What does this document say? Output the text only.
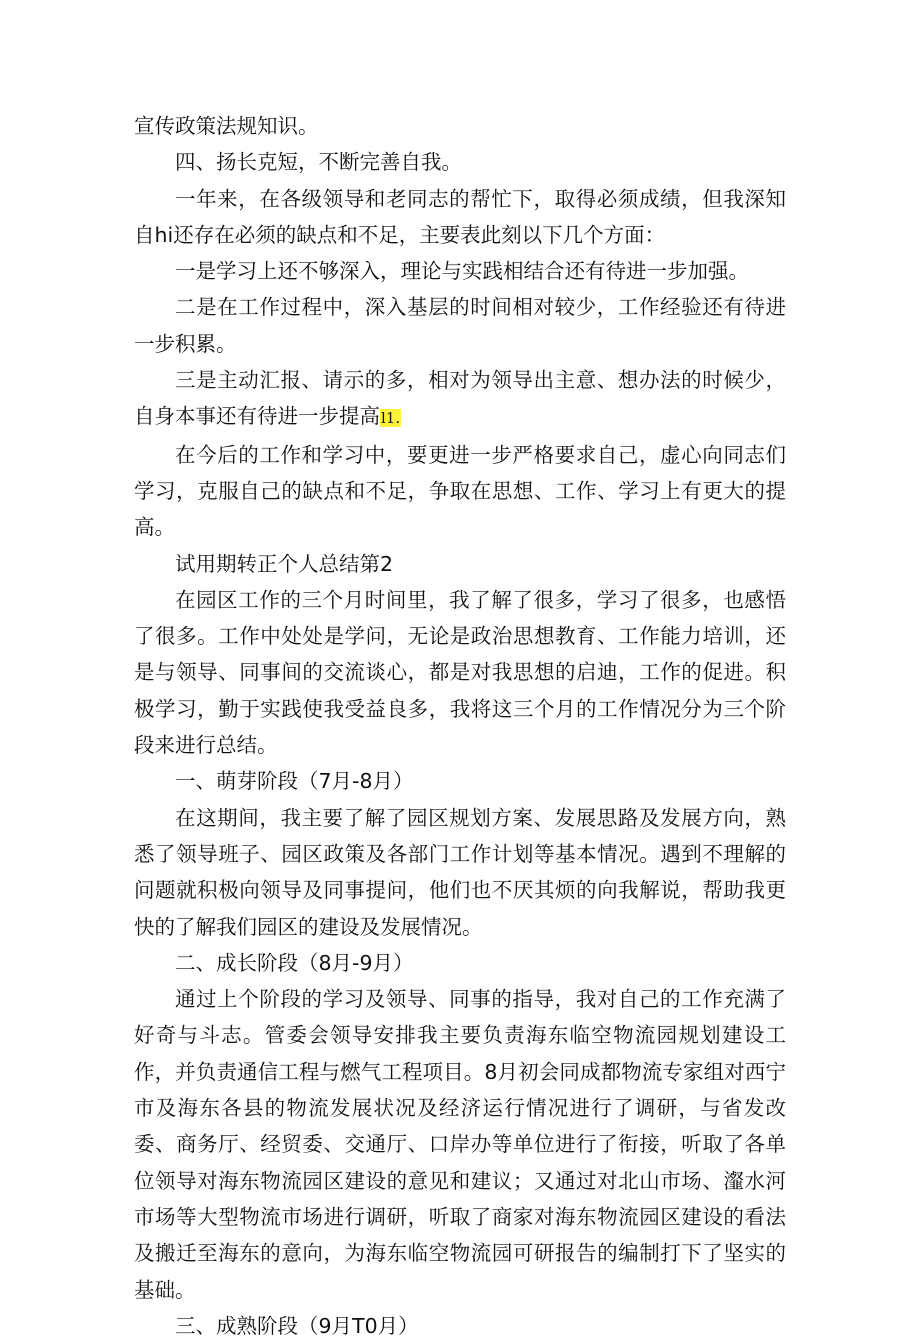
宣传政策法规知识。

四、扬长克短，不断完善自我。

一年来，在各级领导和老同志的帮忙下，取得必须成绩，但我深知自hi还存在必须的缺点和不足，主要表此刻以下几个方面：

一是学习上还不够深入，理论与实践相结合还有待进一步加强。

二是在工作过程中，深入基层的时间相对较少，工作经验还有待进一步积累。

三是主动汇报、请示的多，相对为领导出主意、想办法的时候少，自身本事还有待进一步提高l1.

在今后的工作和学习中，要更进一步严格要求自己，虚心向同志们学习，克服自己的缺点和不足，争取在思想、工作、学习上有更大的提高。

试用期转正个人总结第2

在园区工作的三个月时间里，我了解了很多，学习了很多，也感悟了很多。工作中处处是学问，无论是政治思想教育、工作能力培训，还是与领导、同事间的交流谈心，都是对我思想的启迪，工作的促进。积极学习，勤于实践使我受益良多，我将这三个月的工作情况分为三个阶段来进行总结。

一、萌芽阶段（7月-8月）

在这期间，我主要了解了园区规划方案、发展思路及发展方向，熟悉了领导班子、园区政策及各部门工作计划等基本情况。遇到不理解的问题就积极向领导及同事提问，他们也不厌其烦的向我解说，帮助我更快的了解我们园区的建设及发展情况。

二、成长阶段（8月-9月）

通过上个阶段的学习及领导、同事的指导，我对自己的工作充满了好奇与斗志。管委会领导安排我主要负责海东临空物流园规划建设工作，并负责通信工程与燃气工程项目。8月初会同成都物流专家组对西宁市及海东各县的物流发展状况及经济运行情况进行了调研，与省发改委、商务厅、经贸委、交通厅、口岸办等单位进行了衔接，听取了各单位领导对海东物流园区建设的意见和建议；又通过对北山市场、瀣水河市场等大型物流市场进行调研，听取了商家对海东物流园区建设的看法及搬迁至海东的意向，为海东临空物流园可研报告的编制打下了坚实的基础。

三、成熟阶段（9月T0月）
